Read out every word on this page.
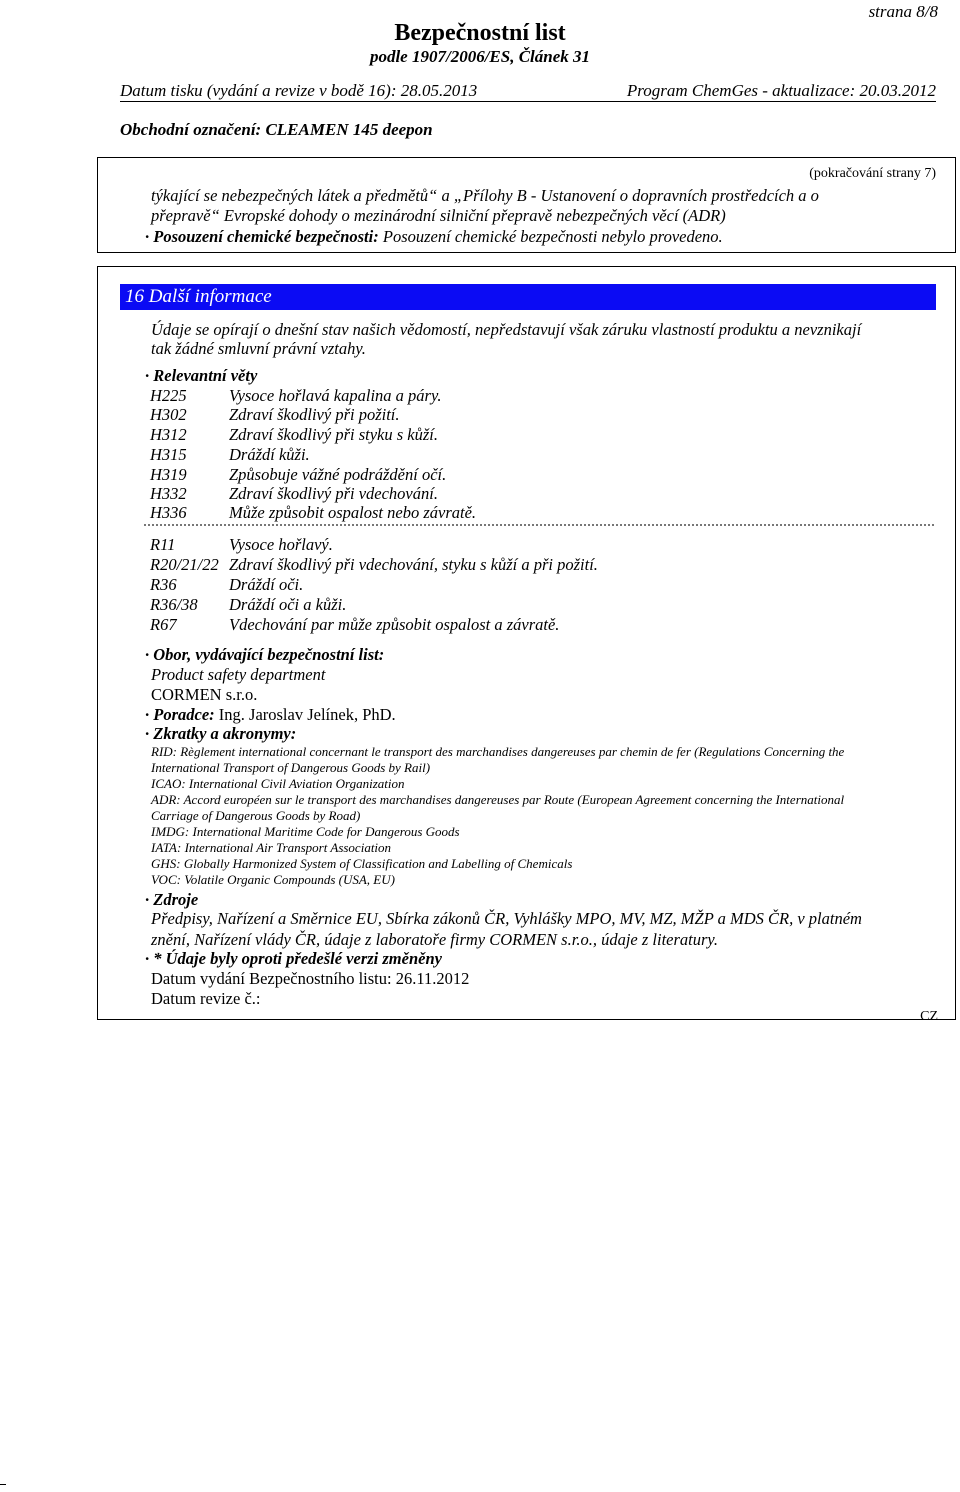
strana 8/8
Bezpečnostní list
podle 1907/2006/ES, Článek 31
Datum tisku (vydání a revize v bodě 16): 28.05.2013	Program ChemGes - aktualizace: 20.03.2012
Obchodní označení: CLEAMEN 145 deepon
(pokračování strany 7)
týkající se nebezpečných látek a předmětů“ a „Přílohy B - Ustanovení o dopravních prostředcích a o
přepravě“ Evropské dohody o mezinárodní silniční přepravě nebezpečných věcí (ADR)
· Posouzení chemické bezpečnosti: Posouzení chemické bezpečnosti nebylo provedeno.
16 Další informace
Údaje se opírají o dnešní stav našich vědomostí, nepředstavují však záruku vlastností produktu a nevznikají
tak žádné smluvní právní vztahy.
· Relevantní věty
H225	Vysoce hořlavá kapalina a páry.
H302	Zdraví škodlivý při požití.
H312	Zdraví škodlivý při styku s kůží.
H315	Dráždí kůži.
H319	Způsobuje vážné podráždění očí.
H332	Zdraví škodlivý při vdechování.
H336	Může způsobit ospalost nebo závratě.
R11	Vysoce hořlavý.
R20/21/22 Zdraví škodlivý při vdechování, styku s kůží a při požití.
R36	Dráždí oči.
R36/38 Dráždí oči a kůži.
R67	Vdechování par může způsobit ospalost a závratě.
· Obor, vydávající bezpečnostní list:
Product safety department
CORMEN s.r.o.
· Poradce: Ing. Jaroslav Jelínek, PhD.
· Zkratky a akronymy:
RID: Règlement international concernant le transport des marchandises dangereuses par chemin de fer (Regulations Concerning the
International Transport of Dangerous Goods by Rail)
ICAO: International Civil Aviation Organization
ADR: Accord européen sur le transport des marchandises dangereuses par Route (European Agreement concerning the International
Carriage of Dangerous Goods by Road)
IMDG: International Maritime Code for Dangerous Goods
IATA: International Air Transport Association
GHS: Globally Harmonized System of Classification and Labelling of Chemicals
VOC: Volatile Organic Compounds (USA, EU)
· Zdroje
Předpisy, Nařízení a Směrnice EU, Sbírka zákonů ČR, Vyhlášky MPO, MV, MZ, MŽP a MDS ČR, v platném
znění, Nařízení vlády ČR, údaje z laboratoře firmy CORMEN s.r.o., údaje z literatury.
· * Údaje byly oproti předešlé verzi změněny
Datum vydání Bezpečnostního listu: 26.11.2012
Datum revize č.:
CZ
